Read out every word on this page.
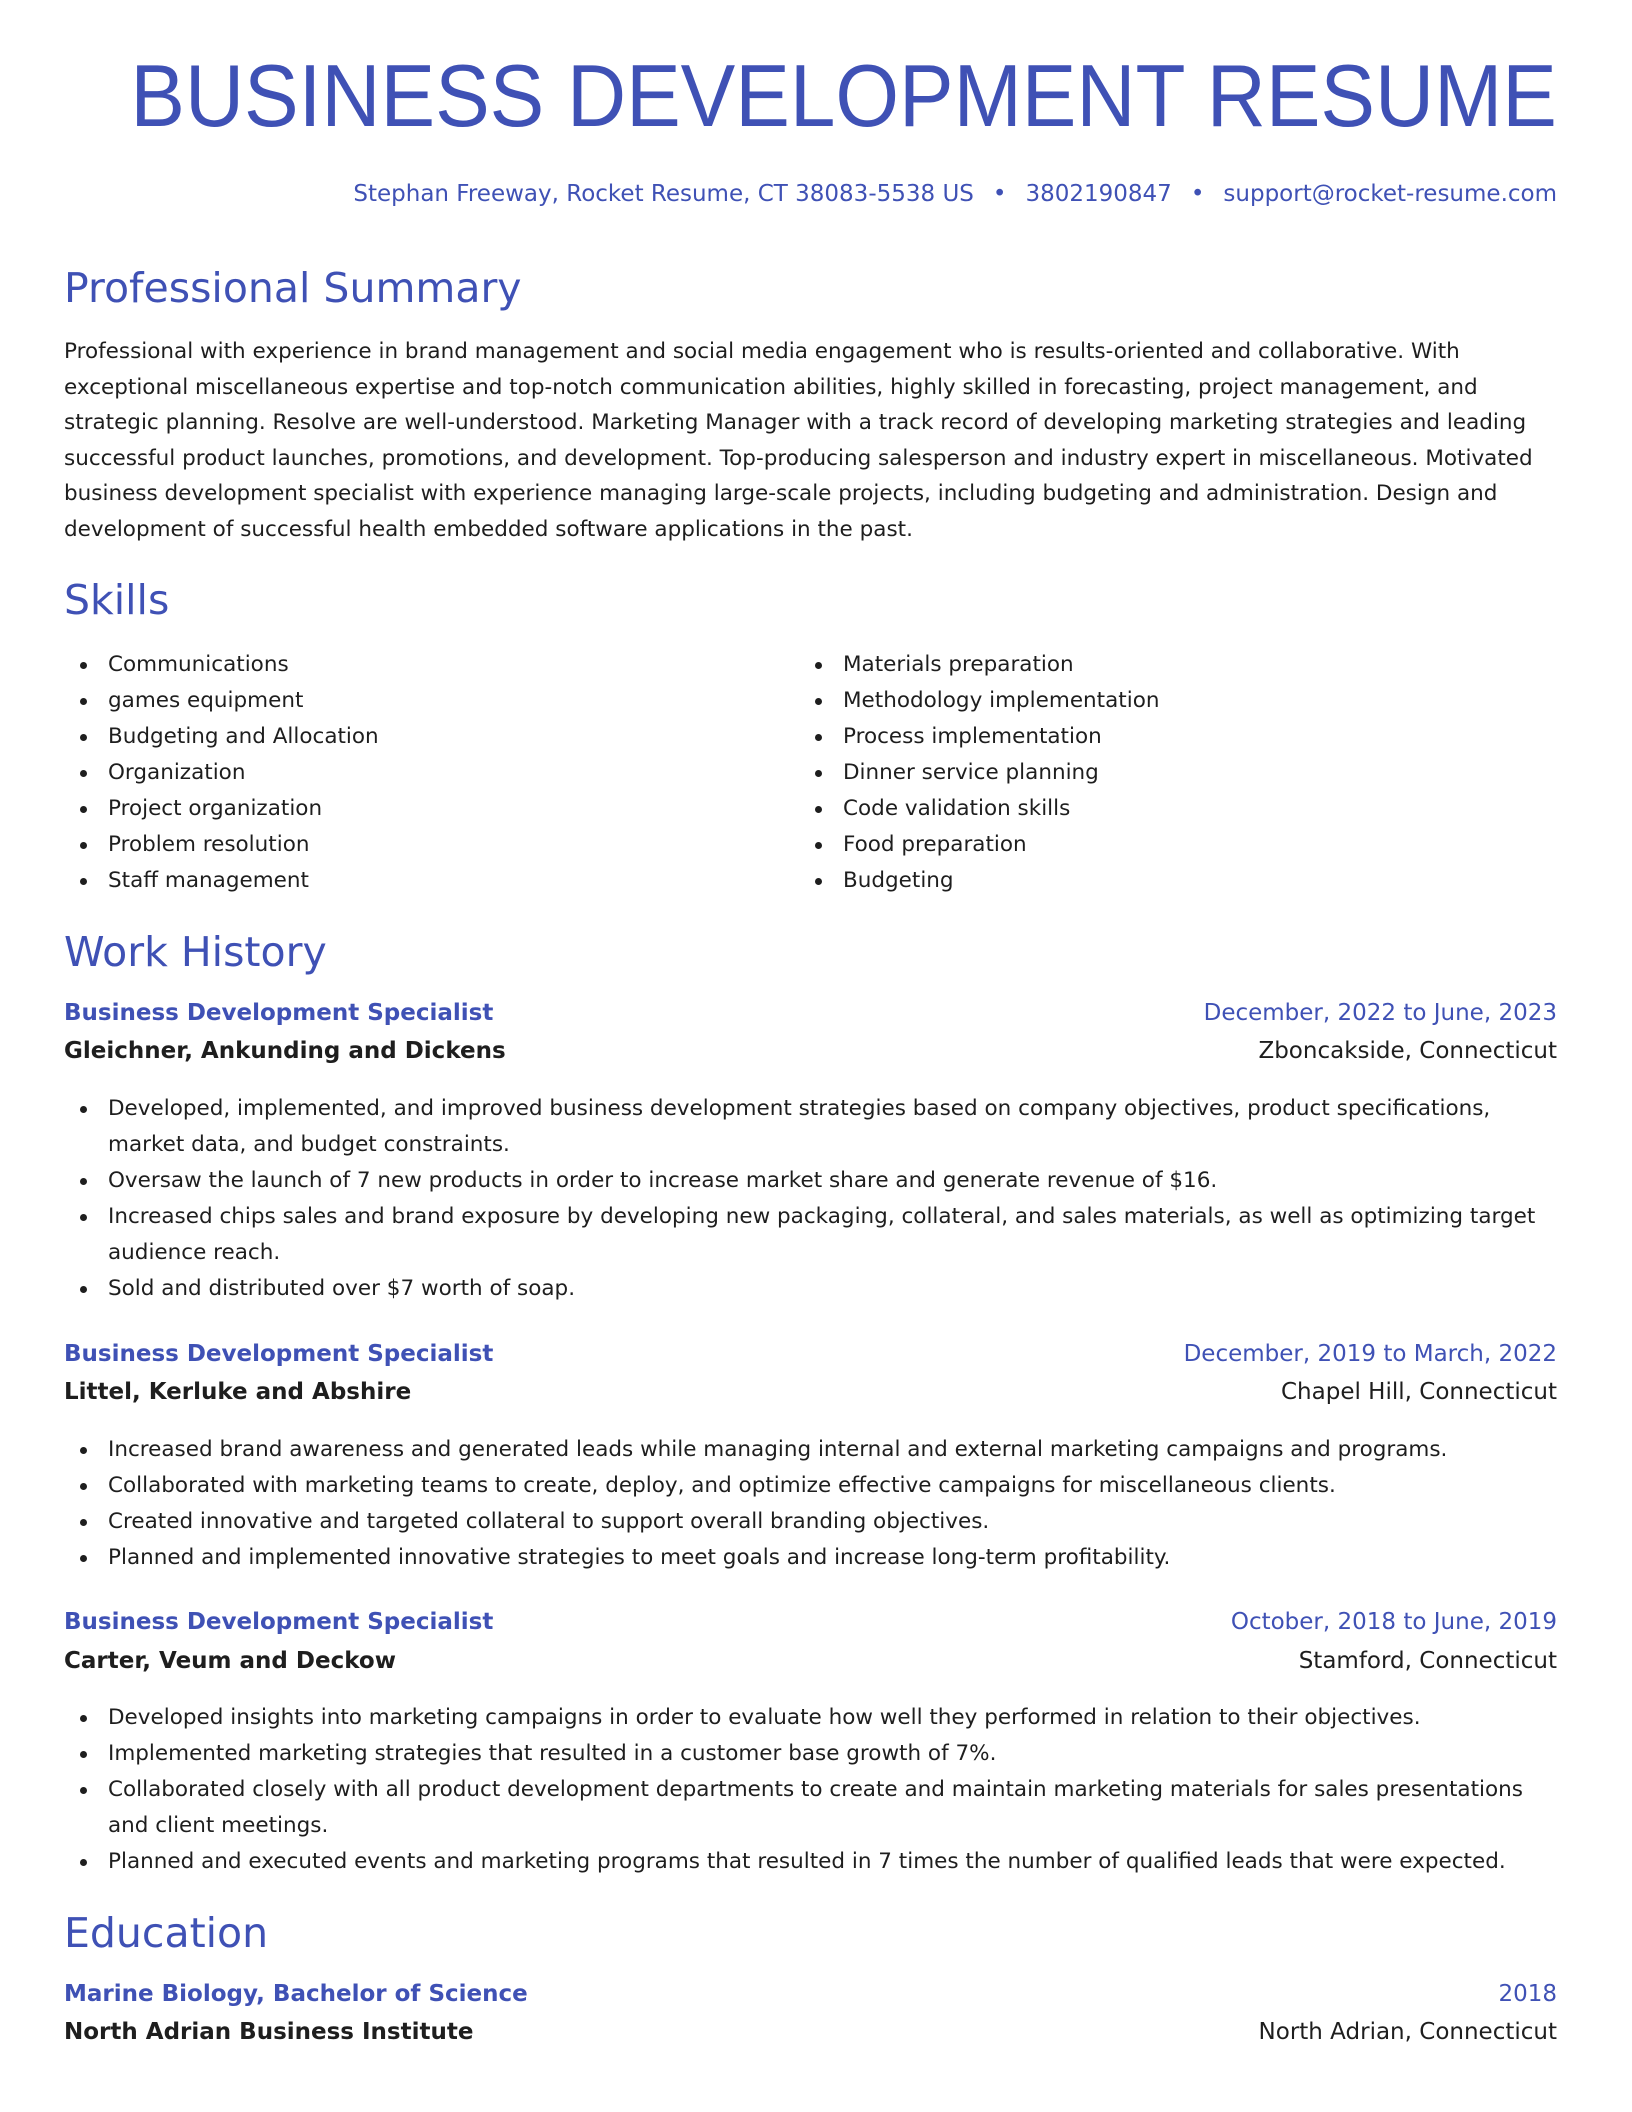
BUSINESS DEVELOPMENT RESUME
Stephan Freeway, Rocket Resume, CT 38083-5538 US • 3802190847 • support@rocket-resume.com
Professional Summary

Professional with experience in brand management and social media engagement who is results-oriented and collaborative. With exceptional miscellaneous expertise and top-notch communication abilities, highly skilled in forecasting, project management, and strategic planning. Resolve are well-understood. Marketing Manager with a track record of developing marketing strategies and leading successful product launches, promotions, and development. Top-producing salesperson and industry expert in miscellaneous. Motivated business development specialist with experience managing large-scale projects, including budgeting and administration. Design and development of successful health embedded software applications in the past.

Skills
Communications
games equipment
Budgeting and Allocation
Organization
Project organization
Problem resolution
Staff management
Materials preparation
Methodology implementation
Process implementation
Dinner service planning
Code validation skills
Food preparation
Budgeting
Work History
Business Development Specialist	December, 2022 to June, 2023
Gleichner, Ankunding and Dickens	Zboncakside, Connecticut
Developed, implemented, and improved business development strategies based on company objectives, product specifications, market data, and budget constraints.
Oversaw the launch of 7 new products in order to increase market share and generate revenue of $16.
Increased chips sales and brand exposure by developing new packaging, collateral, and sales materials, as well as optimizing target audience reach.
Sold and distributed over $7 worth of soap.
Business Development Specialist	December, 2019 to March, 2022
Littel, Kerluke and Abshire	Chapel Hill, Connecticut
Increased brand awareness and generated leads while managing internal and external marketing campaigns and programs.
Collaborated with marketing teams to create, deploy, and optimize effective campaigns for miscellaneous clients.
Created innovative and targeted collateral to support overall branding objectives.
Planned and implemented innovative strategies to meet goals and increase long-term profitability.
Business Development Specialist	October, 2018 to June, 2019
Carter, Veum and Deckow	Stamford, Connecticut
Developed insights into marketing campaigns in order to evaluate how well they performed in relation to their objectives.
Implemented marketing strategies that resulted in a customer base growth of 7%.
Collaborated closely with all product development departments to create and maintain marketing materials for sales presentations and client meetings.
Planned and executed events and marketing programs that resulted in 7 times the number of qualified leads that were expected.
Education
Marine Biology, Bachelor of Science	2018
North Adrian Business Institute	North Adrian, Connecticut
